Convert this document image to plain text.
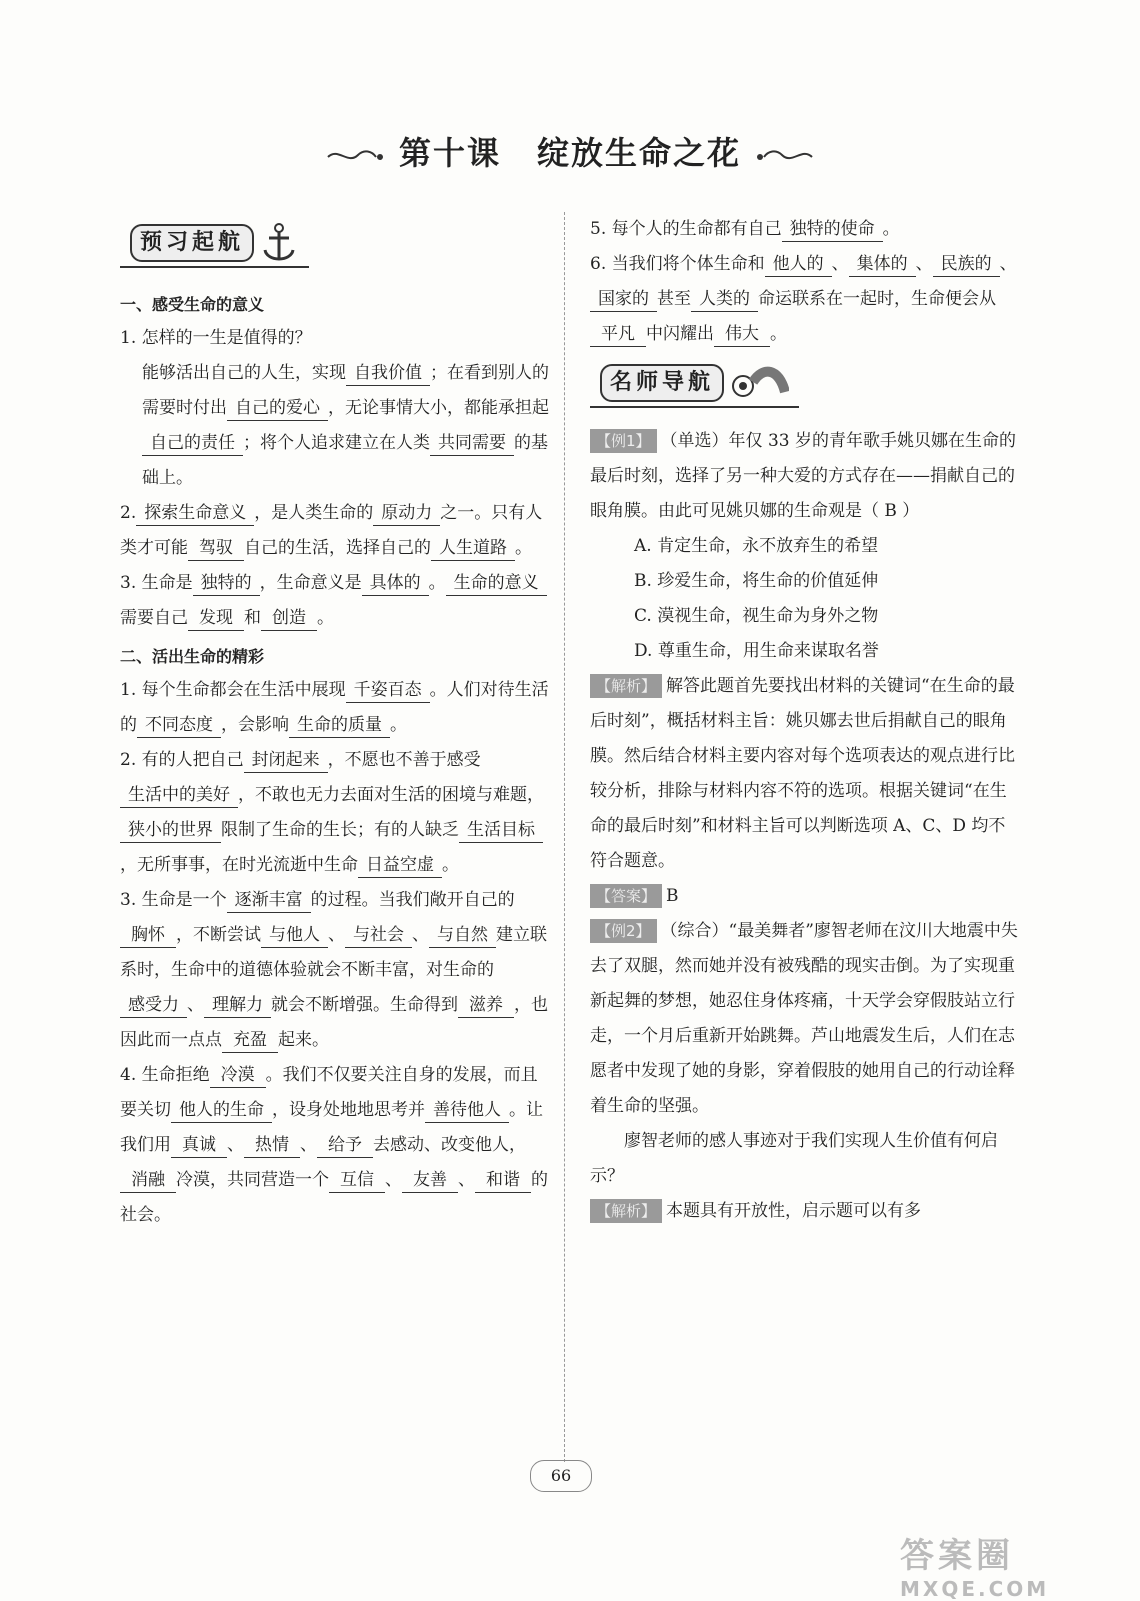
第十课 绽放生命之花
预习起航
一、感受生命的意义

1. 怎样的一生是值得的？

能够活出自己的人生，实现 自我价值 ；在看到别人的需要时付出 自己的爱心 ，无论事情大小，都能承担起自己的责任 ；将个人追求建立在人类 共同需要 的基础上。

2. 探索生命意义 ，是人类生命的 原动力 之一。只有人类才可能 驾驭 自己的生活，选择自己的 人生道路 。

3. 生命是 独特的 ，生命意义是 具体的 。 生命的意义需要自己 发现 和 创造 。

二、活出生命的精彩

1. 每个生命都会在生活中展现 千姿百态 。人们对待生活的 不同态度 ，会影响 生命的质量 。

2. 有的人把自己 封闭起来 ，不愿也不善于感受生活中的美好 ，不敢也无力去面对生活的困境与难题，狭小的世界 限制了生命的生长；有的人缺乏 生活目标，无所事事，在时光流逝中生命 日益空虚 。

3. 生命是一个 逐渐丰富 的过程。当我们敞开自己的胸怀 ，不断尝试 与他人 、 与社会 、 与自然 建立联系时，生命中的道德体验就会不断丰富，对生命的感受力 、 理解力 就会不断增强。生命得到 滋养 ，也因此而一点点 充盈 起来。

4. 生命拒绝 冷漠 。我们不仅要关注自身的发展，而且要关切 他人的生命 ，设身处地地思考并 善待他人 。让我们用 真诚 、 热情 、 给予 去感动、改变他人，消融 冷漠，共同营造一个 互信 、 友善 、 和谐 的社会。

5. 每个人的生命都有自己 独特的使命 。

6. 当我们将个体生命和 他人的 、 集体的 、 民族的 、国家的 甚至 人类的 命运联系在一起时，生命便会从平凡 中闪耀出 伟大 。

名师导航

【例1】 （单选）年仅 33 岁的青年歌手姚贝娜在生命的最后时刻，选择了另一种大爱的方式存在——捐献自己的眼角膜。由此可见姚贝娜的生命观是（ B ）

A. 肯定生命，永不放弃生的希望

B. 珍爱生命，将生命的价值延伸

C. 漠视生命，视生命为身外之物

D. 尊重生命，用生命来谋取名誉

【解析】 解答此题首先要找出材料的关键词“在生命的最后时刻”，概括材料主旨：姚贝娜去世后捐献自己的眼角膜。然后结合材料主要内容对每个选项表达的观点进行比较分析，排除与材料内容不符的选项。根据关键词“在生命的最后时刻”和材料主旨可以判断选项 A、C、D 均不符合题意。

【答案】 B

【例2】 （综合）“最美舞者”廖智老师在汶川大地震中失去了双腿，然而她并没有被残酷的现实击倒。为了实现重新起舞的梦想，她忍住身体疼痛，十天学会穿假肢站立行走，一个月后重新开始跳舞。芦山地震发生后，人们在志愿者中发现了她的身影，穿着假肢的她用自己的行动诠释着生命的坚强。

廖智老师的感人事迹对于我们实现人生价值有何启示？

【解析】 本题具有开放性，启示题可以有多

66
答案圈
MXQE.COM
